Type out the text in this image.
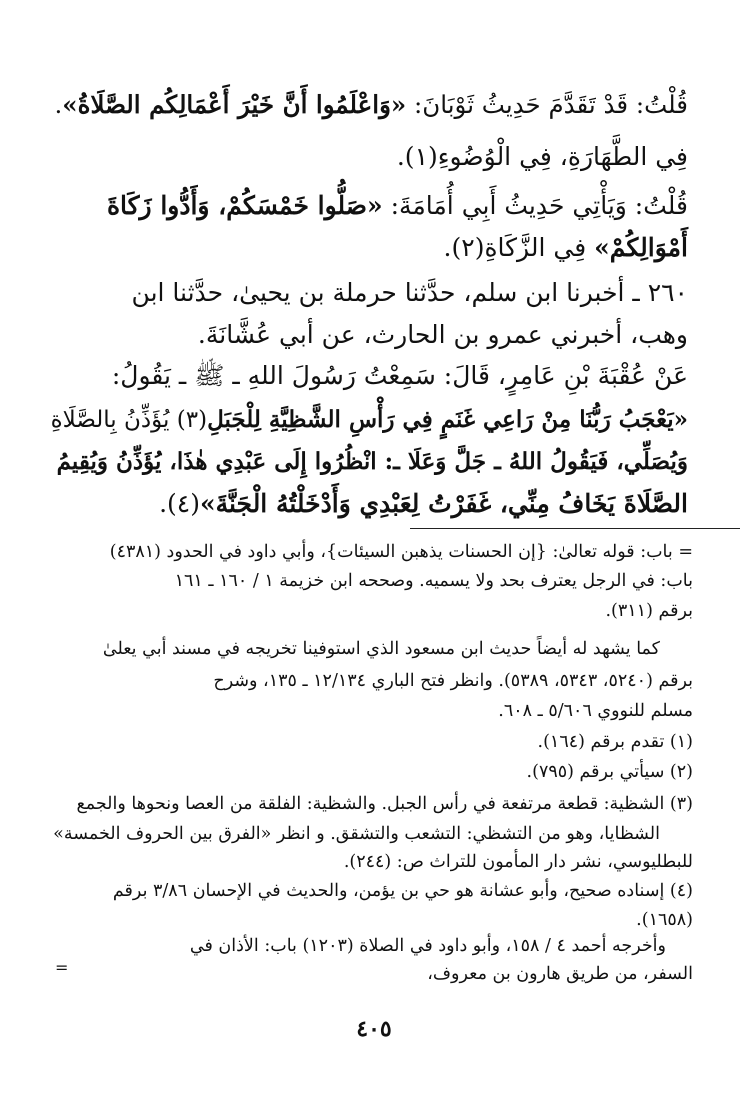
قُلْتُ: قَدْ تَقَدَّمَ حَدِيثُ ثَوْبَانَ: «وَاعْلَمُوا أَنَّ خَيْرَ أَعْمَالِكُم الصَّلَاةُ».

فِي الطَّهَارَةِ، فِي الْوُضُوءِ(١).

قُلْتُ: وَيَأْتِي حَدِيثُ أَبِي أُمَامَةَ: «صَلُّوا خَمْسَكُمْ، وَأَدُّوا زَكَاةَ

أَمْوَالِكُمْ» فِي الزَّكَاةِ(٢).

٢٦٠ ـ أخبرنا ابن سلم، حدَّثنا حرملة بن يحيىٰ، حدَّثنا ابن

وهب، أخبرني عمرو بن الحارث، عن أبي عُشَّانَةَ.

عَنْ عُقْبَةَ بْنِ عَامِرٍ، قَالَ: سَمِعْتُ رَسُولَ اللهِ ـ ﷺ ـ يَقُولُ:

«يَعْجَبُ رَبُّنَا مِنْ رَاعِي غَنَمٍ فِي رَأْسِ الشَّظِيَّةِ لِلْجَبَلِ(٣) يُؤَذِّنُ بِالصَّلَاةِ

وَيُصَلِّي، فَيَقُولُ اللهُ ـ جَلَّ وَعَلَا ـ: انْظُرُوا إِلَى عَبْدِي هٰذَا، يُؤَذِّنُ وَيُقِيمُ

الصَّلَاةَ يَخَافُ مِنِّي، غَفَرْتُ لِعَبْدِي وَأَدْخَلْتُهُ الْجَنَّةَ»(٤).

= باب: قوله تعالىٰ: {إن الحسنات يذهبن السيئات}، وأبي داود في الحدود (٤٣٨١)

باب: في الرجل يعترف بحد ولا يسميه. وصححه ابن خزيمة ١ / ١٦٠ ـ ١٦١

برقم (٣١١).

كما يشهد له أيضاً حديث ابن مسعود الذي استوفينا تخريجه في مسند أبي يعلىٰ

برقم (٥٢٤٠، ٥٣٤٣، ٥٣٨٩). وانظر فتح الباري ١٢/١٣٤ ـ ١٣٥، وشرح

مسلم للنووي ٥/٦٠٦ ـ ٦٠٨.

(١) تقدم برقم (١٦٤).

(٢) سيأتي برقم (٧٩٥).

(٣) الشظية: قطعة مرتفعة في رأس الجبل. والشظية: الفلقة من العصا ونحوها والجمع

الشظايا، وهو من التشظي: التشعب والتشقق. و انظر «الفرق بين الحروف الخمسة»

للبطليوسي، نشر دار المأمون للتراث ص: (٢٤٤).

(٤) إسناده صحيح، وأبو عشانة هو حي بن يؤمن، والحديث في الإحسان ٣/٨٦ برقم

(١٦٥٨).

وأخرجه أحمد ٤ / ١٥٨، وأبو داود في الصلاة (١٢٠٣) باب: الأذان في

السفر، من طريق هارون بن معروف،

=
٤٠٥
